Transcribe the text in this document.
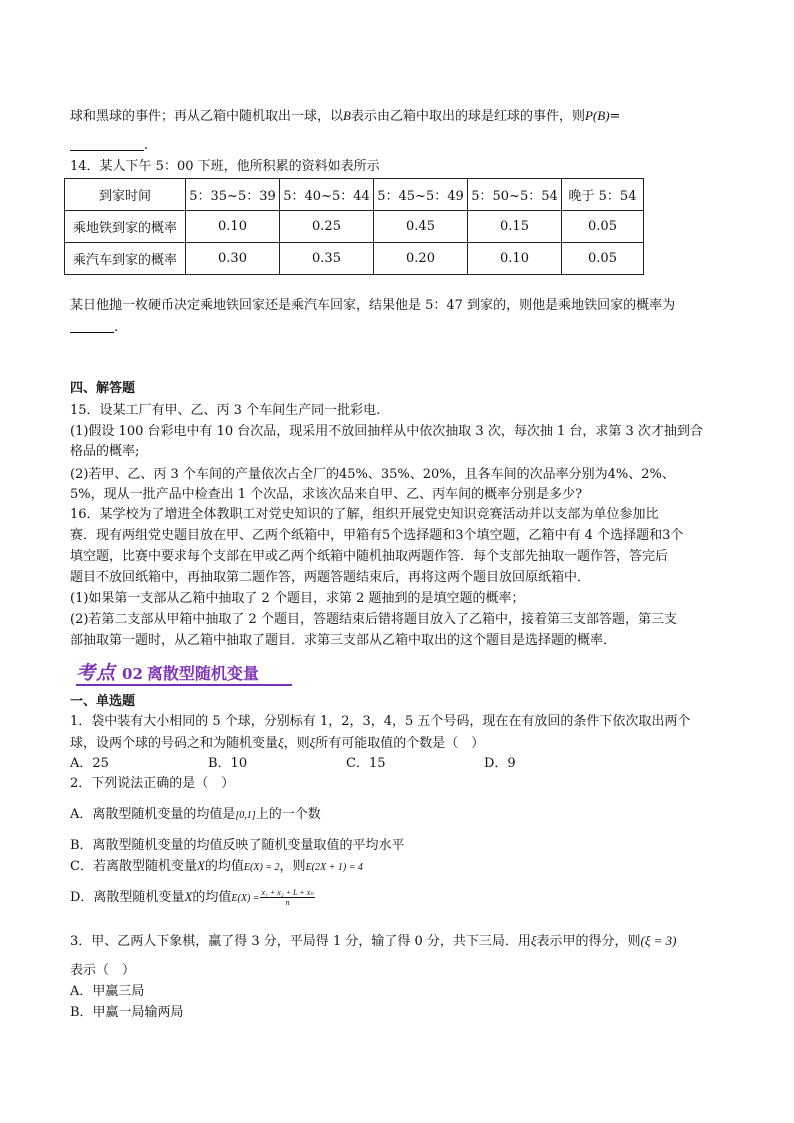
球和黑球的事件；再从乙箱中随机取出一球，以B表示由乙箱中取出的球是红球的事件，则P(B)=
.
14．某人下午 5：00 下班，他所积累的资料如表所示
到家时间	5：35~5：39	5：40~5：44	5：45~5：49	5：50~5：54	晚于 5：54
乘地铁到家的概率	0.10	0.25	0.45	0.15	0.05
乘汽车到家的概率	0.30	0.35	0.20	0.10	0.05
某日他抛一枚硬币决定乘地铁回家还是乘汽车回家，结果他是 5：47 到家的，则他是乘地铁回家的概率为
.
四、解答题
15．设某工厂有甲、乙、丙 3 个车间生产同一批彩电.
(1)假设 100 台彩电中有 10 台次品，现采用不放回抽样从中依次抽取 3 次，每次抽 1 台，求第 3 次才抽到合
格品的概率;
(2)若甲、乙、丙 3 个车间的产量依次占全厂的45%、35%、20%，且各车间的次品率分别为4%、2%、
5%，现从一批产品中检查出 1 个次品，求该次品来自甲、乙、丙车间的概率分别是多少?
16．某学校为了增进全体教职工对党史知识的了解，组织开展党史知识竞赛活动并以支部为单位参加比
赛．现有两组党史题目放在甲、乙两个纸箱中，甲箱有5个选择题和3个填空题，乙箱中有 4 个选择题和3个
填空题，比赛中要求每个支部在甲或乙两个纸箱中随机抽取两题作答．每个支部先抽取一题作答，答完后
题目不放回纸箱中，再抽取第二题作答，两题答题结束后，再将这两个题目放回原纸箱中．
(1)如果第一支部从乙箱中抽取了 2 个题目，求第 2 题抽到的是填空题的概率；
(2)若第二支部从甲箱中抽取了 2 个题目，答题结束后错将题目放入了乙箱中，接着第三支部答题，第三支
部抽取第一题时，从乙箱中抽取了题目．求第三支部从乙箱中取出的这个题目是选择题的概率．
考点 02 离散型随机变量
一、单选题
1．袋中装有大小相同的 5 个球，分别标有 1，2，3，4，5 五个号码，现在在有放回的条件下依次取出两个
球，设两个球的号码之和为随机变量ξ，则ξ所有可能取值的个数是（　）
A．25	B．10	C．15	D．9
2．下列说法正确的是（　）
A．离散型随机变量的均值是[0,1]上的一个数
B．离散型随机变量的均值反映了随机变量取值的平均水平
C．若离散型随机变量X的均值E(X) = 2，则E(2X + 1) = 4
D．离散型随机变量X的均值$E(X) = \frac{\text{x₁ + x₂ + L + xₙ}}{n}$
3．甲、乙两人下象棋，赢了得 3 分，平局得 1 分，输了得 0 分，共下三局．用ξ表示甲的得分，则(ξ = 3)
表示（　）
A．甲赢三局
B．甲赢一局输两局
